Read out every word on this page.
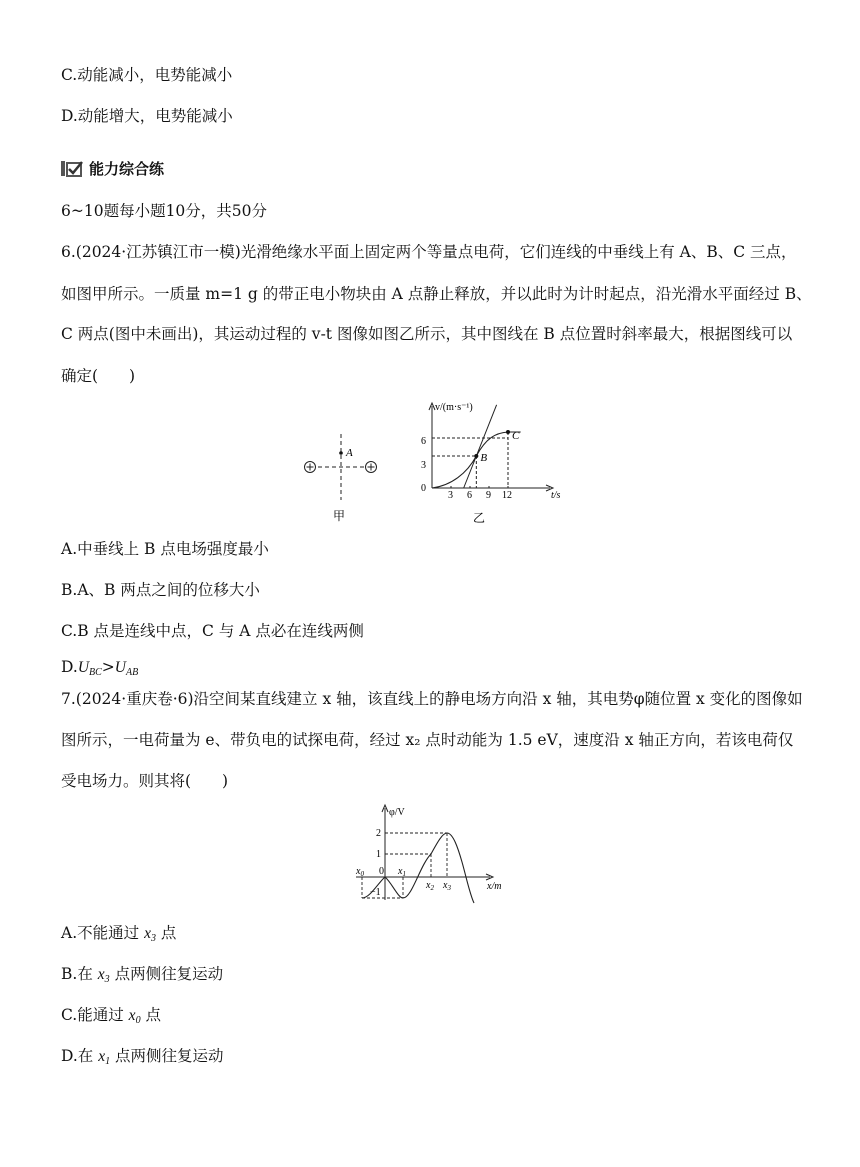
C.动能减小，电势能减小
D.动能增大，电势能减小
能力综合练
6~10题每小题10分，共50分
6.(2024·江苏镇江市一模)光滑绝缘水平面上固定两个等量点电荷，它们连线的中垂线上有 A、B、C 三点，
如图甲所示。一质量 m=1 g 的带正电小物块由 A 点静止释放，并以此时为计时起点，沿光滑水平面经过 B、
C 两点(图中未画出)，其运动过程的 v-t 图像如图乙所示，其中图线在 B 点位置时斜率最大，根据图线可以
确定(　　)
A
甲
v/(m·s⁻¹)
t/s
0
3 6 9 12
3
6
B
C
乙
A.中垂线上 B 点电场强度最小
B.A、B 两点之间的位移大小
C.B 点是连线中点，C 与 A 点必在连线两侧
$D.U_{BC}>U_{AB}$
7.(2024·重庆卷·6)沿空间某直线建立 x 轴，该直线上的静电场方向沿 x 轴，其电势φ随位置 x 变化的图像如
图所示，一电荷量为 e、带负电的试探电荷，经过 x₂ 点时动能为 1.5 eV，速度沿 x 轴正方向，若该电荷仅
受电场力。则其将(　　)
φ/V
x/m
0
2
1
−1
$x_0$	$x_1$
$x_2$ $x_3$
A.不能通过 $x_3$ 点
B.在 $x_3$ 点两侧往复运动
C.能通过 $x_0$ 点
D.在 $x_1$ 点两侧往复运动
